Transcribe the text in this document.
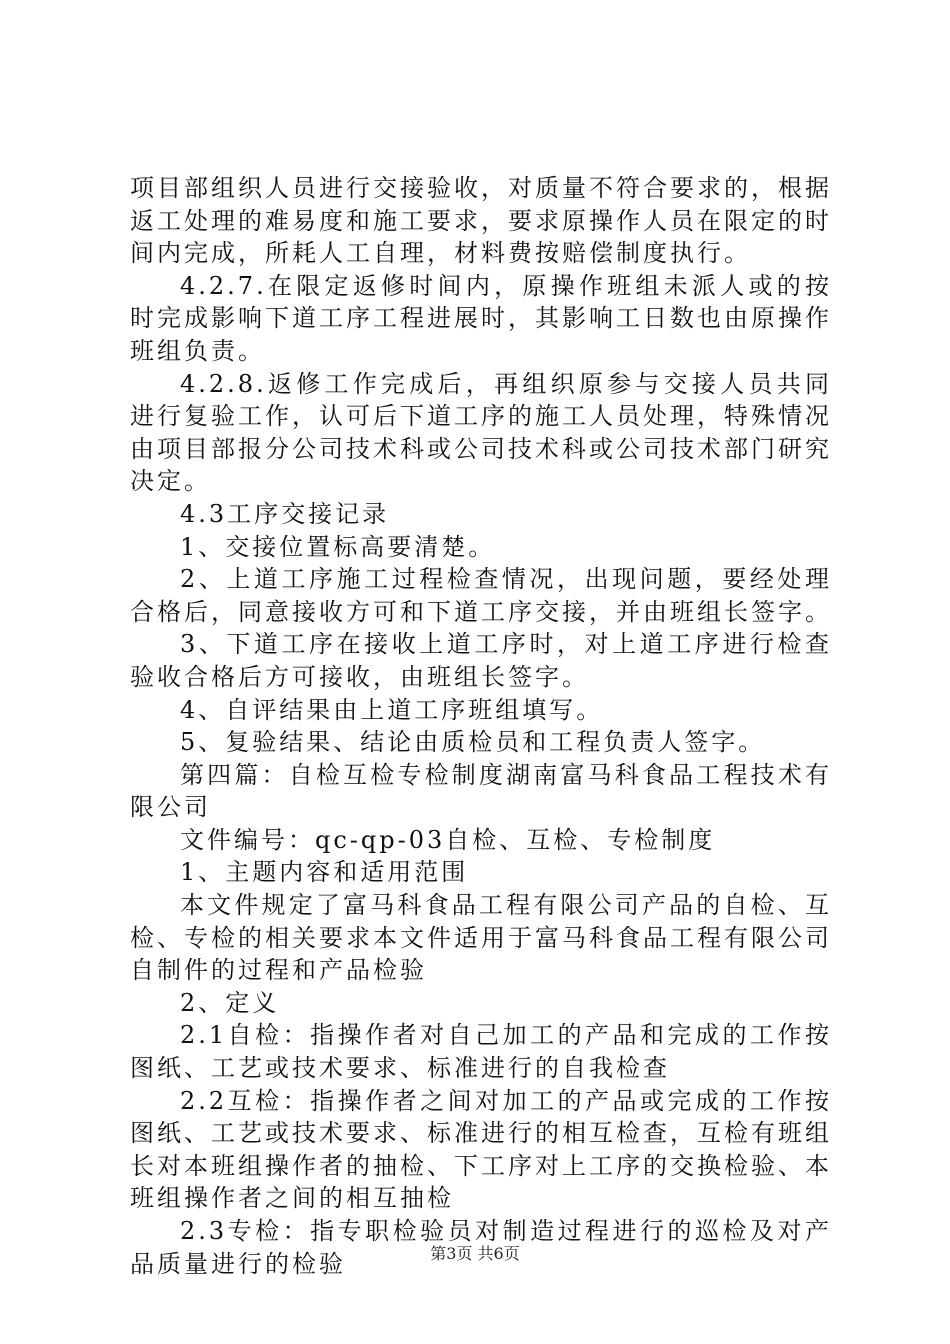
项目部组织人员进行交接验收，对质量不符合要求的，根据返工处理的难易度和施工要求，要求原操作人员在限定的时间内完成，所耗人工自理，材料费按赔偿制度执行。

4.2.7.在限定返修时间内，原操作班组未派人或的按时完成影响下道工序工程进展时，其影响工日数也由原操作班组负责。

4.2.8.返修工作完成后，再组织原参与交接人员共同进行复验工作，认可后下道工序的施工人员处理，特殊情况由项目部报分公司技术科或公司技术科或公司技术部门研究决定。

4.3工序交接记录

1、交接位置标高要清楚。

2、上道工序施工过程检查情况，出现问题，要经处理合格后，同意接收方可和下道工序交接，并由班组长签字。

3、下道工序在接收上道工序时，对上道工序进行检查验收合格后方可接收，由班组长签字。

4、自评结果由上道工序班组填写。

5、复验结果、结论由质检员和工程负责人签字。

第四篇：自检互检专检制度湖南富马科食品工程技术有限公司

文件编号：qc-qp-03自检、互检、专检制度

1、主题内容和适用范围

本文件规定了富马科食品工程有限公司产品的自检、互检、专检的相关要求本文件适用于富马科食品工程有限公司自制件的过程和产品检验

2、定义

2.1自检：指操作者对自己加工的产品和完成的工作按图纸、工艺或技术要求、标准进行的自我检查

2.2互检：指操作者之间对加工的产品或完成的工作按图纸、工艺或技术要求、标准进行的相互检查，互检有班组长对本班组操作者的抽检、下工序对上工序的交换检验、本班组操作者之间的相互抽检

2.3专检：指专职检验员对制造过程进行的巡检及对产品质量进行的检验	第3页 共6页
